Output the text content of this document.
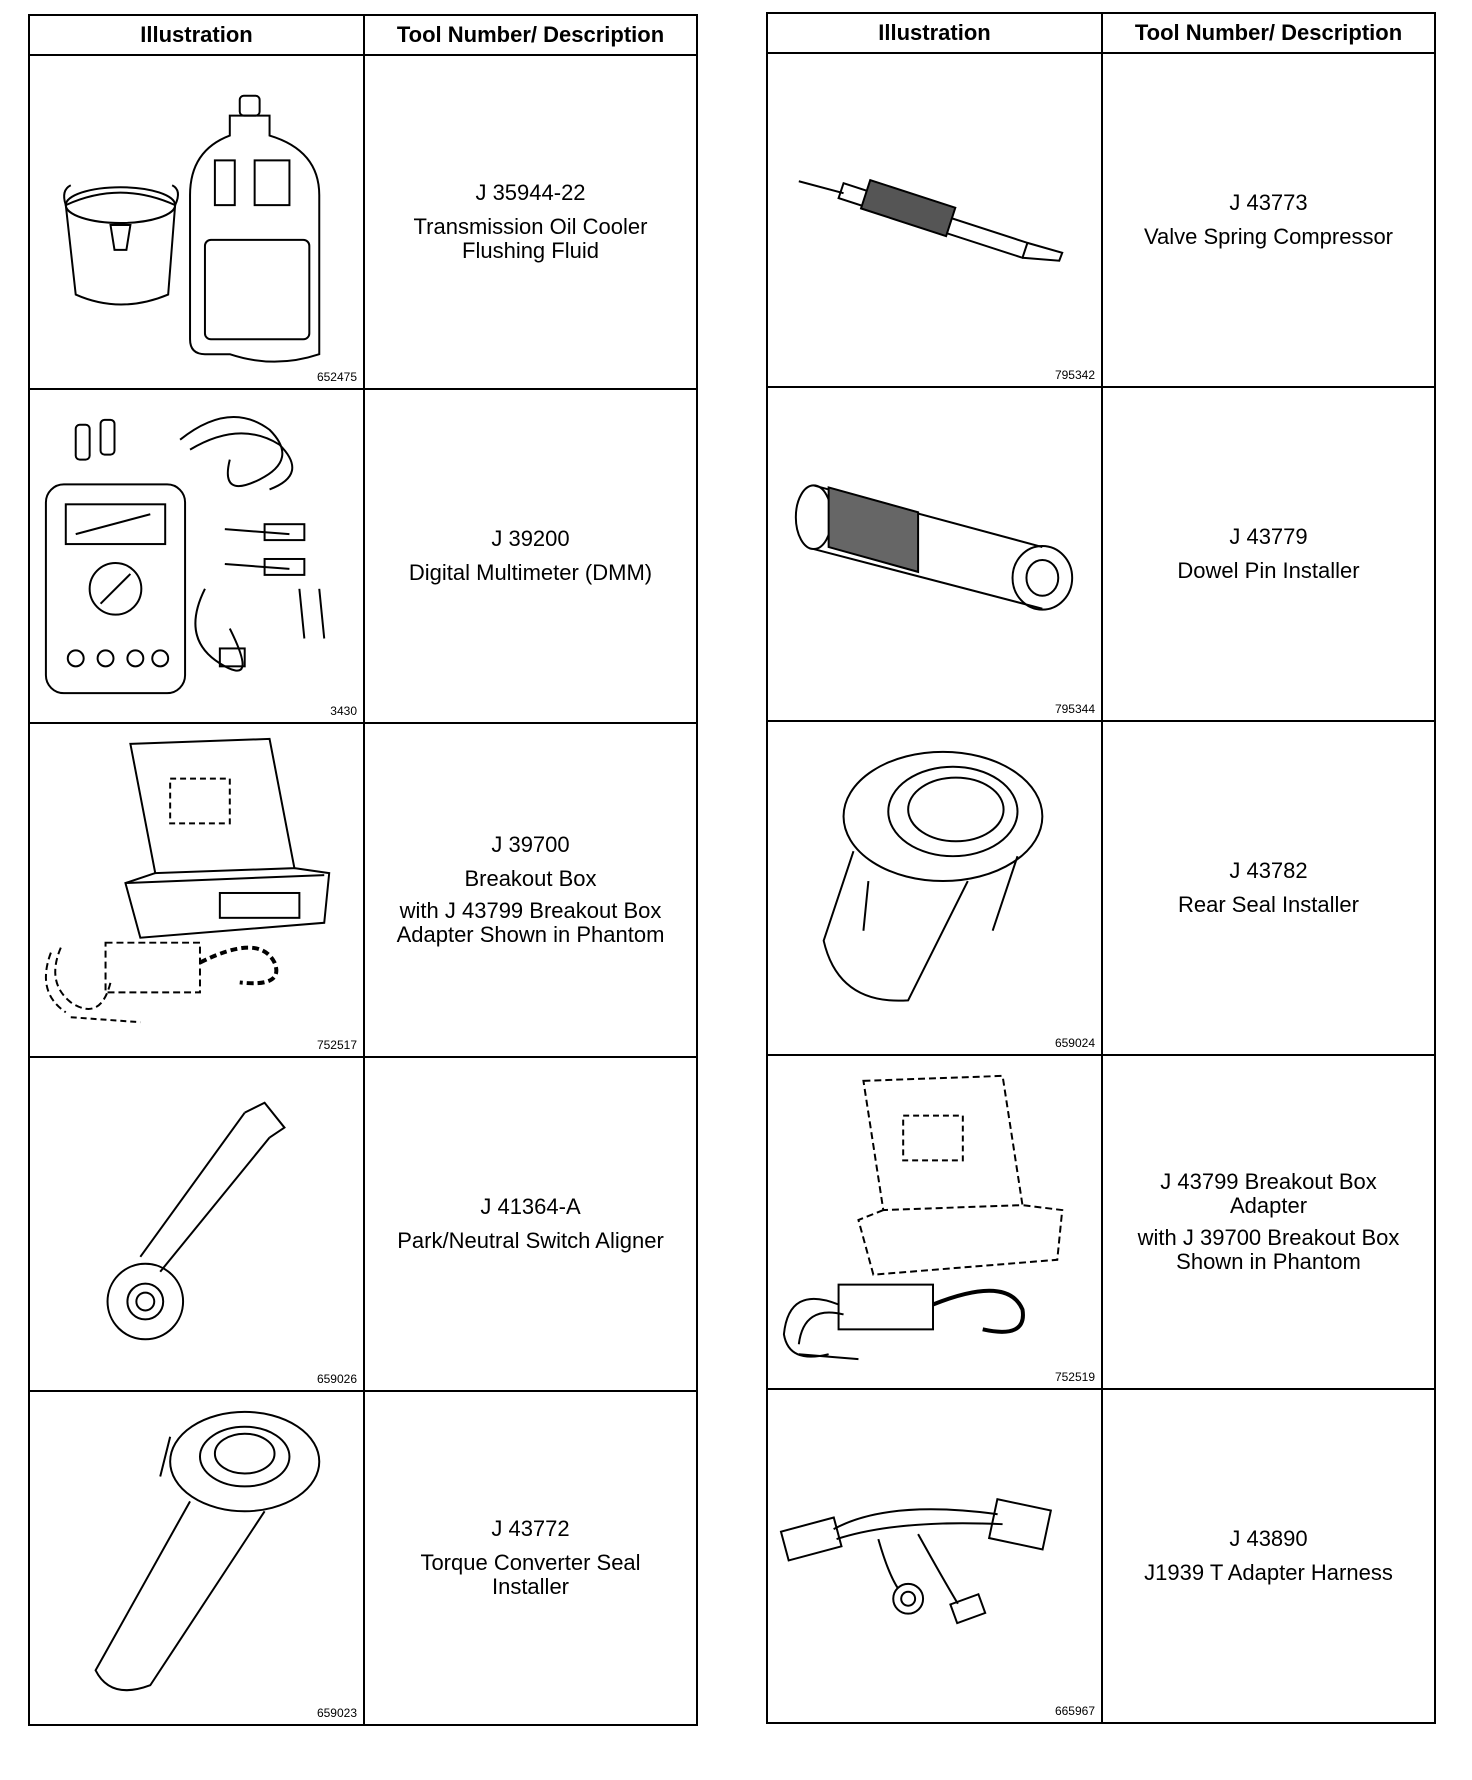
Illustration	Tool Number/ Description

652475	J 35944-22
Transmission Oil Cooler
Flushing Fluid

3430	J 39200
Digital Multimeter (DMM)

752517	J 39700
Breakout Box
with J 43799 Breakout Box
Adapter Shown in Phantom

659026	J 41364-A
Park/Neutral Switch Aligner

659023	J 43772
Torque Converter Seal
Installer
Illustration	Tool Number/ Description

795342	J 43773
Valve Spring Compressor

795344	J 43779
Dowel Pin Installer

659024	J 43782
Rear Seal Installer

752519	J 43799 Breakout Box
Adapter
with J 39700 Breakout Box
Shown in Phantom

665967	J 43890
J1939 T Adapter Harness
